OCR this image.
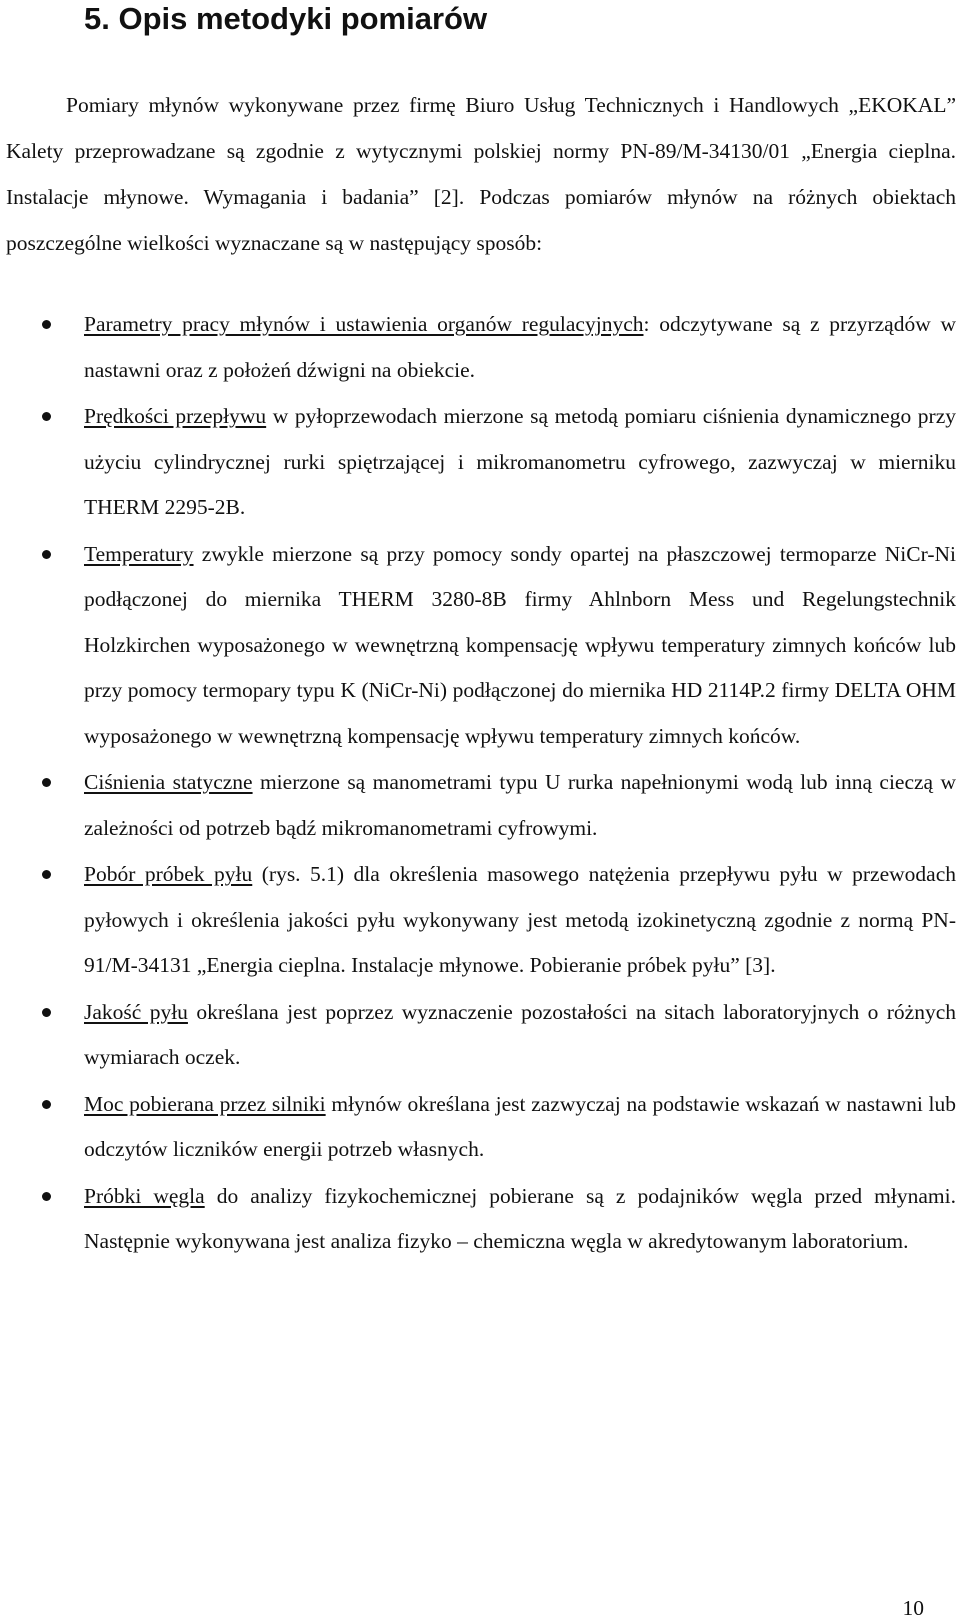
5. Opis metodyki pomiarów

Pomiary młynów wykonywane przez firmę Biuro Usług Technicznych i Handlowych „EKOKAL” Kalety przeprowadzane są zgodnie z wytycznymi polskiej normy PN-89/M-34130/01 „Energia cieplna. Instalacje młynowe. Wymagania i badania” [2]. Podczas pomiarów młynów na różnych obiektach poszczególne wielkości wyznaczane są w następujący sposób:

Parametry pracy młynów i ustawienia organów regulacyjnych: odczytywane są z przyrządów w nastawni oraz z położeń dźwigni na obiekcie.
Prędkości przepływu w pyłoprzewodach mierzone są metodą pomiaru ciśnienia dynamicznego przy użyciu cylindrycznej rurki spiętrzającej i mikromanometru cyfrowego, zazwyczaj w mierniku THERM 2295-2B.
Temperatury zwykle mierzone są przy pomocy sondy opartej na płaszczowej termoparze NiCr-Ni podłączonej do miernika THERM 3280-8B firmy Ahlnborn Mess und Regelungstechnik Holzkirchen wyposażonego w wewnętrzną kompensację wpływu temperatury zimnych końców lub przy pomocy termopary typu K (NiCr-Ni) podłączonej do miernika HD 2114P.2 firmy DELTA OHM wyposażonego w wewnętrzną kompensację wpływu temperatury zimnych końców.
Ciśnienia statyczne mierzone są manometrami typu U rurka napełnionymi wodą lub inną cieczą w zależności od potrzeb bądź mikromanometrami cyfrowymi.
Pobór próbek pyłu (rys. 5.1) dla określenia masowego natężenia przepływu pyłu w przewodach pyłowych i określenia jakości pyłu wykonywany jest metodą izokinetyczną zgodnie z normą PN-91/M-34131 „Energia cieplna. Instalacje młynowe. Pobieranie próbek pyłu” [3].
Jakość pyłu określana jest poprzez wyznaczenie pozostałości na sitach laboratoryjnych o różnych wymiarach oczek.
Moc pobierana przez silniki młynów określana jest zazwyczaj na podstawie wskazań w nastawni lub odczytów liczników energii potrzeb własnych.
Próbki węgla do analizy fizykochemicznej pobierane są z podajników węgla przed młynami. Następnie wykonywana jest analiza fizyko – chemiczna węgla w akredytowanym laboratorium.
10
